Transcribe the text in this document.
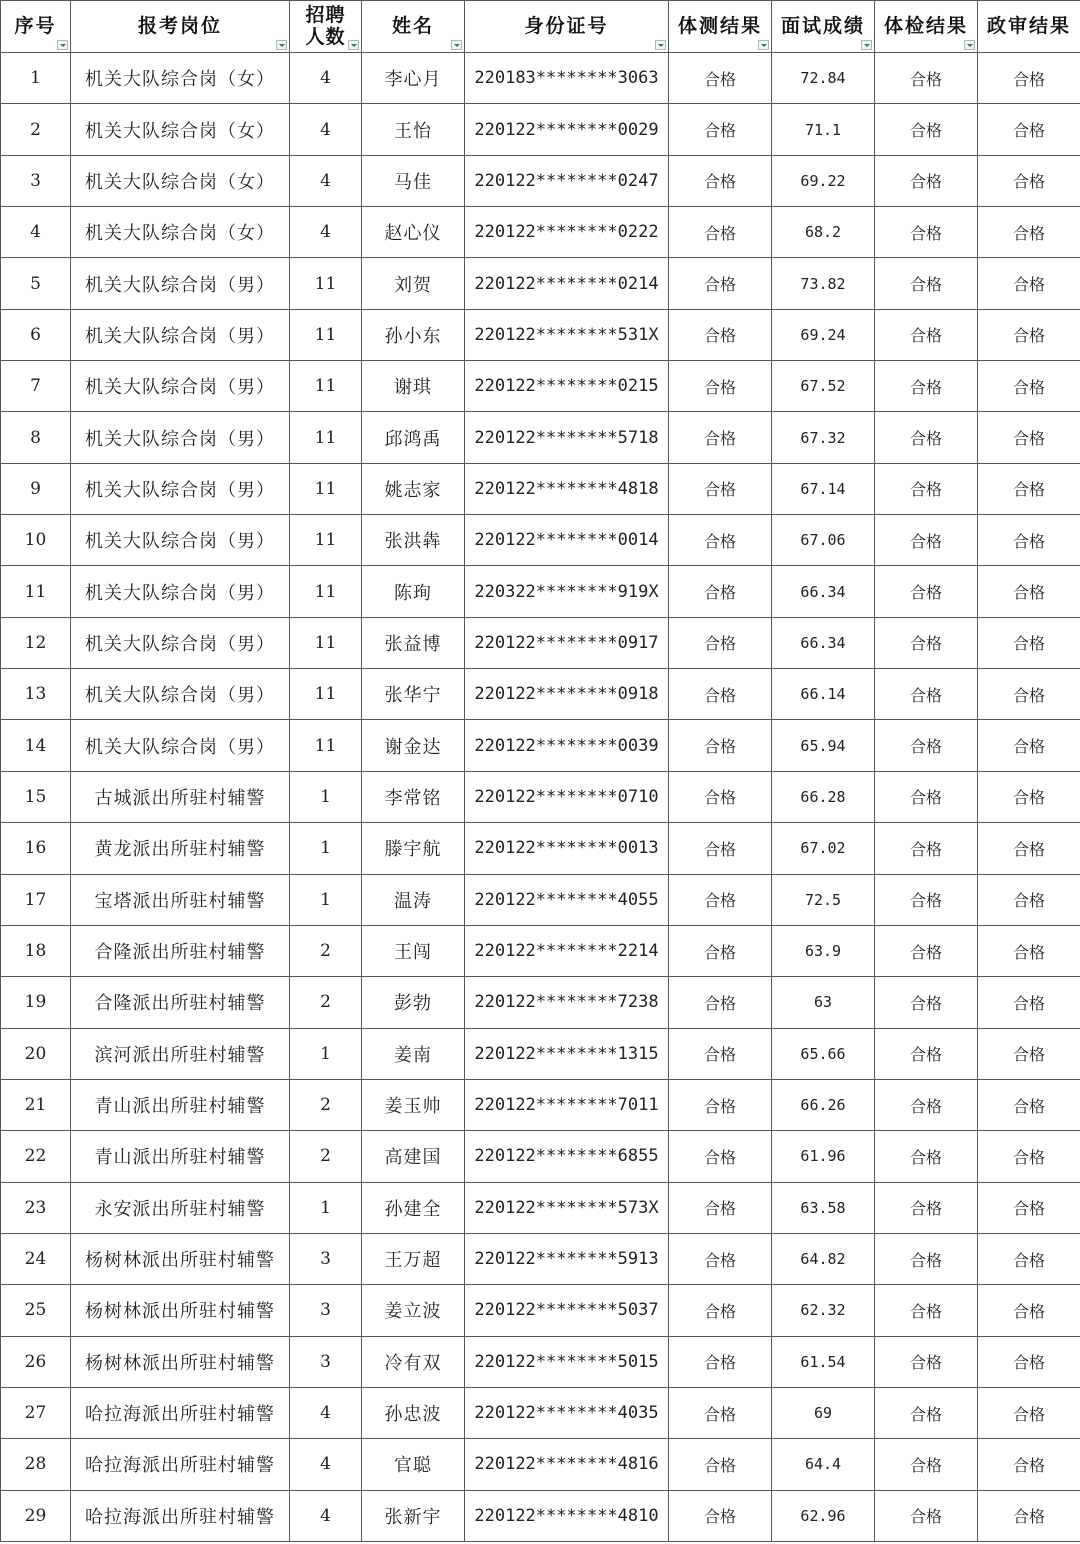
序号	报考岗位	招聘人数	姓名	身份证号	体测结果	面试成绩	体检结果	政审结果
1	机关大队综合岗（女）	4	李心月	220183********3063	合格	72.84	合格	合格
2	机关大队综合岗（女）	4	王怡	220122********0029	合格	71.1	合格	合格
3	机关大队综合岗（女）	4	马佳	220122********0247	合格	69.22	合格	合格
4	机关大队综合岗（女）	4	赵心仪	220122********0222	合格	68.2	合格	合格
5	机关大队综合岗（男）	11	刘贺	220122********0214	合格	73.82	合格	合格
6	机关大队综合岗（男）	11	孙小东	220122********531X	合格	69.24	合格	合格
7	机关大队综合岗（男）	11	谢琪	220122********0215	合格	67.52	合格	合格
8	机关大队综合岗（男）	11	邱鸿禹	220122********5718	合格	67.32	合格	合格
9	机关大队综合岗（男）	11	姚志家	220122********4818	合格	67.14	合格	合格
10	机关大队综合岗（男）	11	张洪犇	220122********0014	合格	67.06	合格	合格
11	机关大队综合岗（男）	11	陈珣	220322********919X	合格	66.34	合格	合格
12	机关大队综合岗（男）	11	张益博	220122********0917	合格	66.34	合格	合格
13	机关大队综合岗（男）	11	张华宁	220122********0918	合格	66.14	合格	合格
14	机关大队综合岗（男）	11	谢金达	220122********0039	合格	65.94	合格	合格
15	古城派出所驻村辅警	1	李常铭	220122********0710	合格	66.28	合格	合格
16	黄龙派出所驻村辅警	1	滕宇航	220122********0013	合格	67.02	合格	合格
17	宝塔派出所驻村辅警	1	温涛	220122********4055	合格	72.5	合格	合格
18	合隆派出所驻村辅警	2	王闯	220122********2214	合格	63.9	合格	合格
19	合隆派出所驻村辅警	2	彭勃	220122********7238	合格	63	合格	合格
20	滨河派出所驻村辅警	1	姜南	220122********1315	合格	65.66	合格	合格
21	青山派出所驻村辅警	2	姜玉帅	220122********7011	合格	66.26	合格	合格
22	青山派出所驻村辅警	2	高建国	220122********6855	合格	61.96	合格	合格
23	永安派出所驻村辅警	1	孙建全	220122********573X	合格	63.58	合格	合格
24	杨树林派出所驻村辅警	3	王万超	220122********5913	合格	64.82	合格	合格
25	杨树林派出所驻村辅警	3	姜立波	220122********5037	合格	62.32	合格	合格
26	杨树林派出所驻村辅警	3	冷有双	220122********5015	合格	61.54	合格	合格
27	哈拉海派出所驻村辅警	4	孙忠波	220122********4035	合格	69	合格	合格
28	哈拉海派出所驻村辅警	4	官聪	220122********4816	合格	64.4	合格	合格
29	哈拉海派出所驻村辅警	4	张新宇	220122********4810	合格	62.96	合格	合格
